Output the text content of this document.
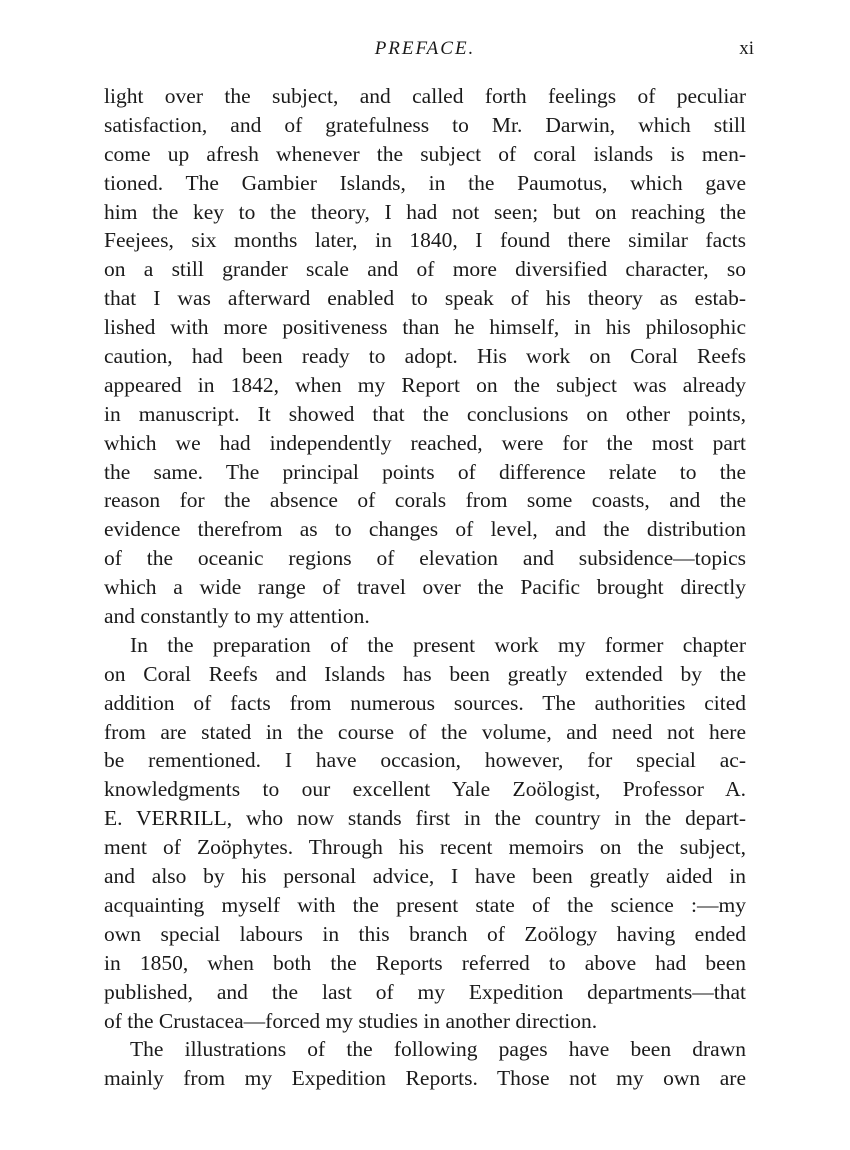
PREFACE.	xi
light over the subject, and called forth feelings of peculiar
satisfaction, and of gratefulness to Mr. Darwin, which still
come up afresh whenever the subject of coral islands is men-
tioned. The Gambier Islands, in the Paumotus, which gave
him the key to the theory, I had not seen; but on reaching the
Feejees, six months later, in 1840, I found there similar facts
on a still grander scale and of more diversified character, so
that I was afterward enabled to speak of his theory as estab-
lished with more positiveness than he himself, in his philosophic
caution, had been ready to adopt. His work on Coral Reefs
appeared in 1842, when my Report on the subject was already
in manuscript. It showed that the conclusions on other points,
which we had independently reached, were for the most part
the same. The principal points of difference relate to the
reason for the absence of corals from some coasts, and the
evidence therefrom as to changes of level, and the distribution
of the oceanic regions of elevation and subsidence—topics
which a wide range of travel over the Pacific brought directly
and constantly to my attention.
In the preparation of the present work my former chapter
on Coral Reefs and Islands has been greatly extended by the
addition of facts from numerous sources. The authorities cited
from are stated in the course of the volume, and need not here
be rementioned. I have occasion, however, for special ac-
knowledgments to our excellent Yale Zoölogist, Professor A.
E. VERRILL, who now stands first in the country in the depart-
ment of Zoöphytes. Through his recent memoirs on the subject,
and also by his personal advice, I have been greatly aided in
acquainting myself with the present state of the science :—my
own special labours in this branch of Zoölogy having ended
in 1850, when both the Reports referred to above had been
published, and the last of my Expedition departments—that
of the Crustacea—forced my studies in another direction.
The illustrations of the following pages have been drawn
mainly from my Expedition Reports. Those not my own are
